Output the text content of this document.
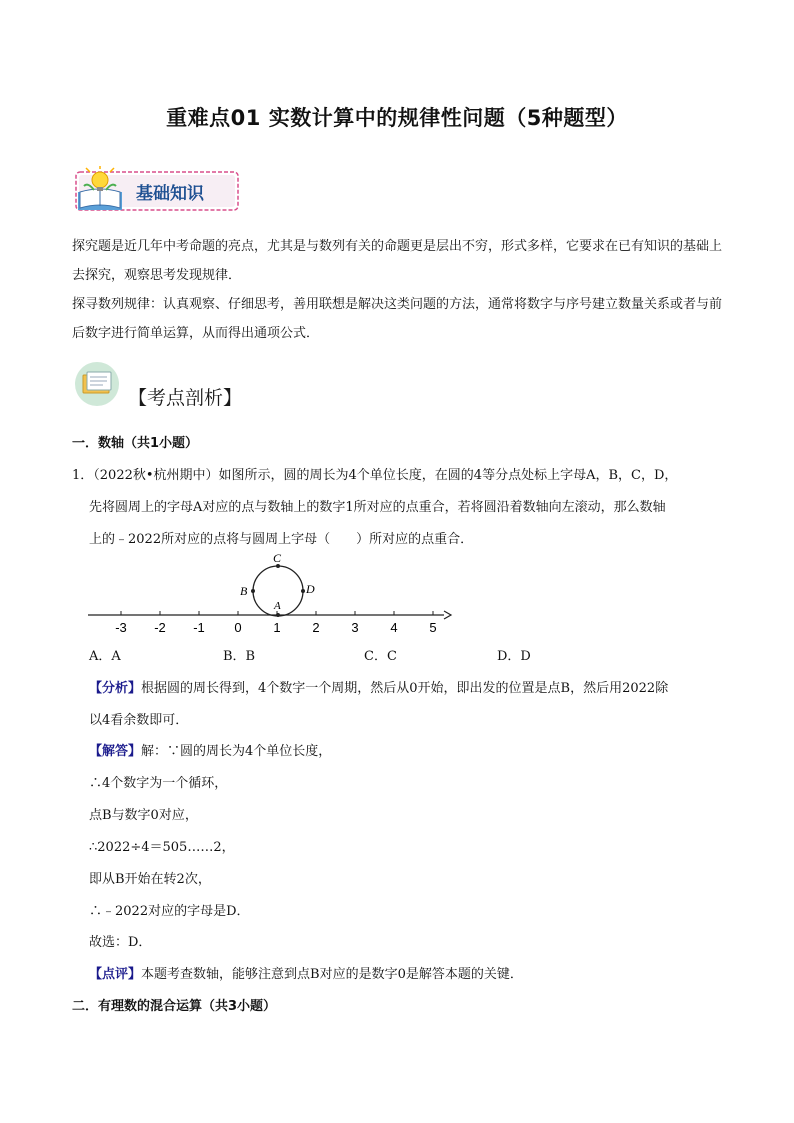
重难点01 实数计算中的规律性问题（5种题型）
基础知识
探究题是近几年中考命题的亮点，尤其是与数列有关的命题更是层出不穷，形式多样，它要求在已有知识的基础上去探究，观察思考发现规律．
探寻数列规律：认真观察、仔细思考，善用联想是解决这类问题的方法，通常将数字与序号建立数量关系或者与前后数字进行简单运算，从而得出通项公式．
【考点剖析】
一．数轴（共1小题）
1．（2022秋•杭州期中）如图所示，圆的周长为4个单位长度，在圆的4等分点处标上字母A，B，C，D，
先将圆周上的字母A对应的点与数轴上的数字1所对应的点重合，若将圆沿着数轴向左滚动，那么数轴
上的﹣2022所对应的点将与圆周上字母（　　）所对应的点重合．
-3 -2 -1 0 1 2 3 4 5
C
B	D
A
A．A	B．B	C．C	D．D
【分析】根据圆的周长得到，4个数字一个周期，然后从0开始，即出发的位置是点B，然后用2022除
以4看余数即可．
【解答】解：∵圆的周长为4个单位长度，
∴4个数字为一个循环，
点B与数字0对应，
∴2022÷4＝505……2，
即从B开始在转2次，
∴﹣2022对应的字母是D．
故选：D．
【点评】本题考查数轴，能够注意到点B对应的是数字0是解答本题的关键．
二．有理数的混合运算（共3小题）
